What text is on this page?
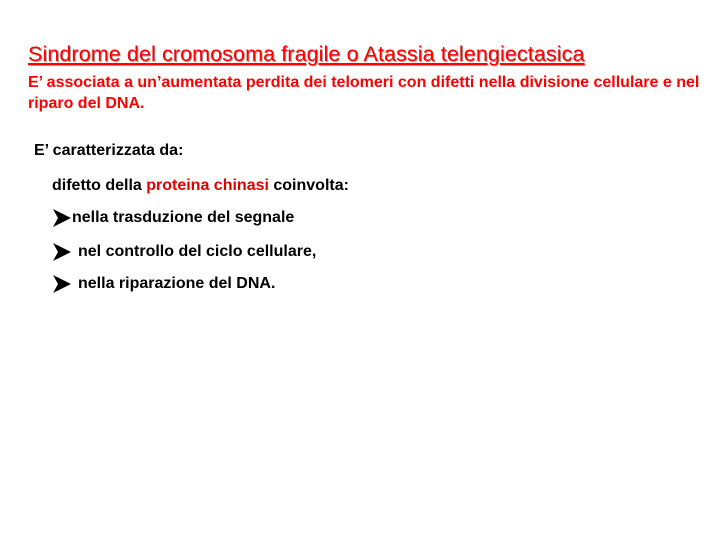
Sindrome del cromosoma fragile o Atassia telengiectasica
E’ associata a un’aumentata perdita dei telomeri con difetti nella divisione cellulare e nel riparo del DNA.
E’ caratterizzata da:
difetto della proteina chinasi coinvolta:
nella trasduzione del segnale
nel controllo del ciclo cellulare,
nella riparazione del DNA.
